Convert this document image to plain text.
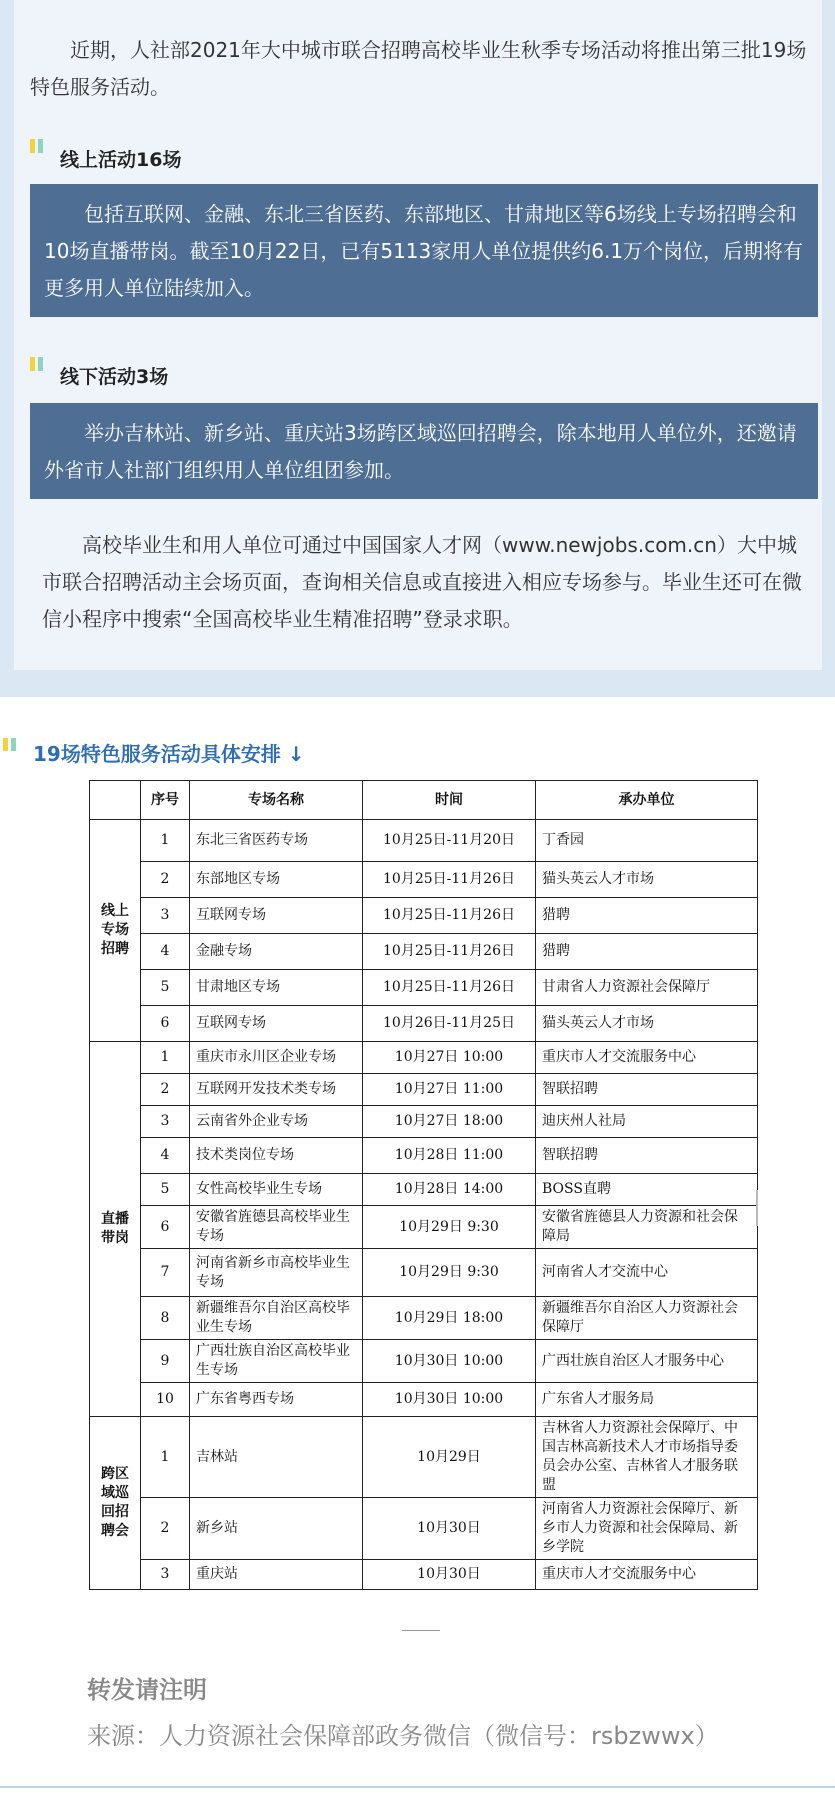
近期，人社部2021年大中城市联合招聘高校毕业生秋季专场活动将推出第三批19场特色服务活动。
线上活动16场
包括互联网、金融、东北三省医药、东部地区、甘肃地区等6场线上专场招聘会和10场直播带岗。截至10月22日，已有5113家用人单位提供约6.1万个岗位，后期将有更多用人单位陆续加入。
线下活动3场
举办吉林站、新乡站、重庆站3场跨区域巡回招聘会，除本地用人单位外，还邀请外省市人社部门组织用人单位组团参加。
高校毕业生和用人单位可通过中国国家人才网（www.newjobs.com.cn）大中城市联合招聘活动主会场页面，查询相关信息或直接进入相应专场参与。毕业生还可在微信小程序中搜索“全国高校毕业生精准招聘”登录求职。
19场特色服务活动具体安排 ↓
	序号	专场名称	时间	承办单位
线上专场招聘	1	东北三省医药专场	10月25日-11月20日	丁香园
	2	东部地区专场	10月25日-11月26日	猫头英云人才市场
	3	互联网专场	10月25日-11月26日	猎聘
	4	金融专场	10月25日-11月26日	猎聘
	5	甘肃地区专场	10月25日-11月26日	甘肃省人力资源社会保障厅
	6	互联网专场	10月26日-11月25日	猫头英云人才市场
直播带岗	1	重庆市永川区企业专场	10月27日 10:00	重庆市人才交流服务中心
	2	互联网开发技术类专场	10月27日 11:00	智联招聘
	3	云南省外企业专场	10月27日 18:00	迪庆州人社局
	4	技术类岗位专场	10月28日 11:00	智联招聘
	5	女性高校毕业生专场	10月28日 14:00	BOSS直聘
	6	安徽省旌德县高校毕业生专场	10月29日 9:30	安徽省旌德县人力资源和社会保障局
	7	河南省新乡市高校毕业生专场	10月29日 9:30	河南省人才交流中心
	8	新疆维吾尔自治区高校毕业生专场	10月29日 18:00	新疆维吾尔自治区人力资源社会保障厅
	9	广西壮族自治区高校毕业生专场	10月30日 10:00	广西壮族自治区人才服务中心
	10	广东省粤西专场	10月30日 10:00	广东省人才服务局
跨区域巡回招聘会	1	吉林站	10月29日	吉林省人力资源社会保障厅、中国吉林高新技术人才市场指导委员会办公室、吉林省人才服务联盟
	2	新乡站	10月30日	河南省人力资源社会保障厅、新乡市人力资源和社会保障局、新乡学院
	3	重庆站	10月30日	重庆市人才交流服务中心
转发请注明
来源：人力资源社会保障部政务微信（微信号：rsbzwwx）
